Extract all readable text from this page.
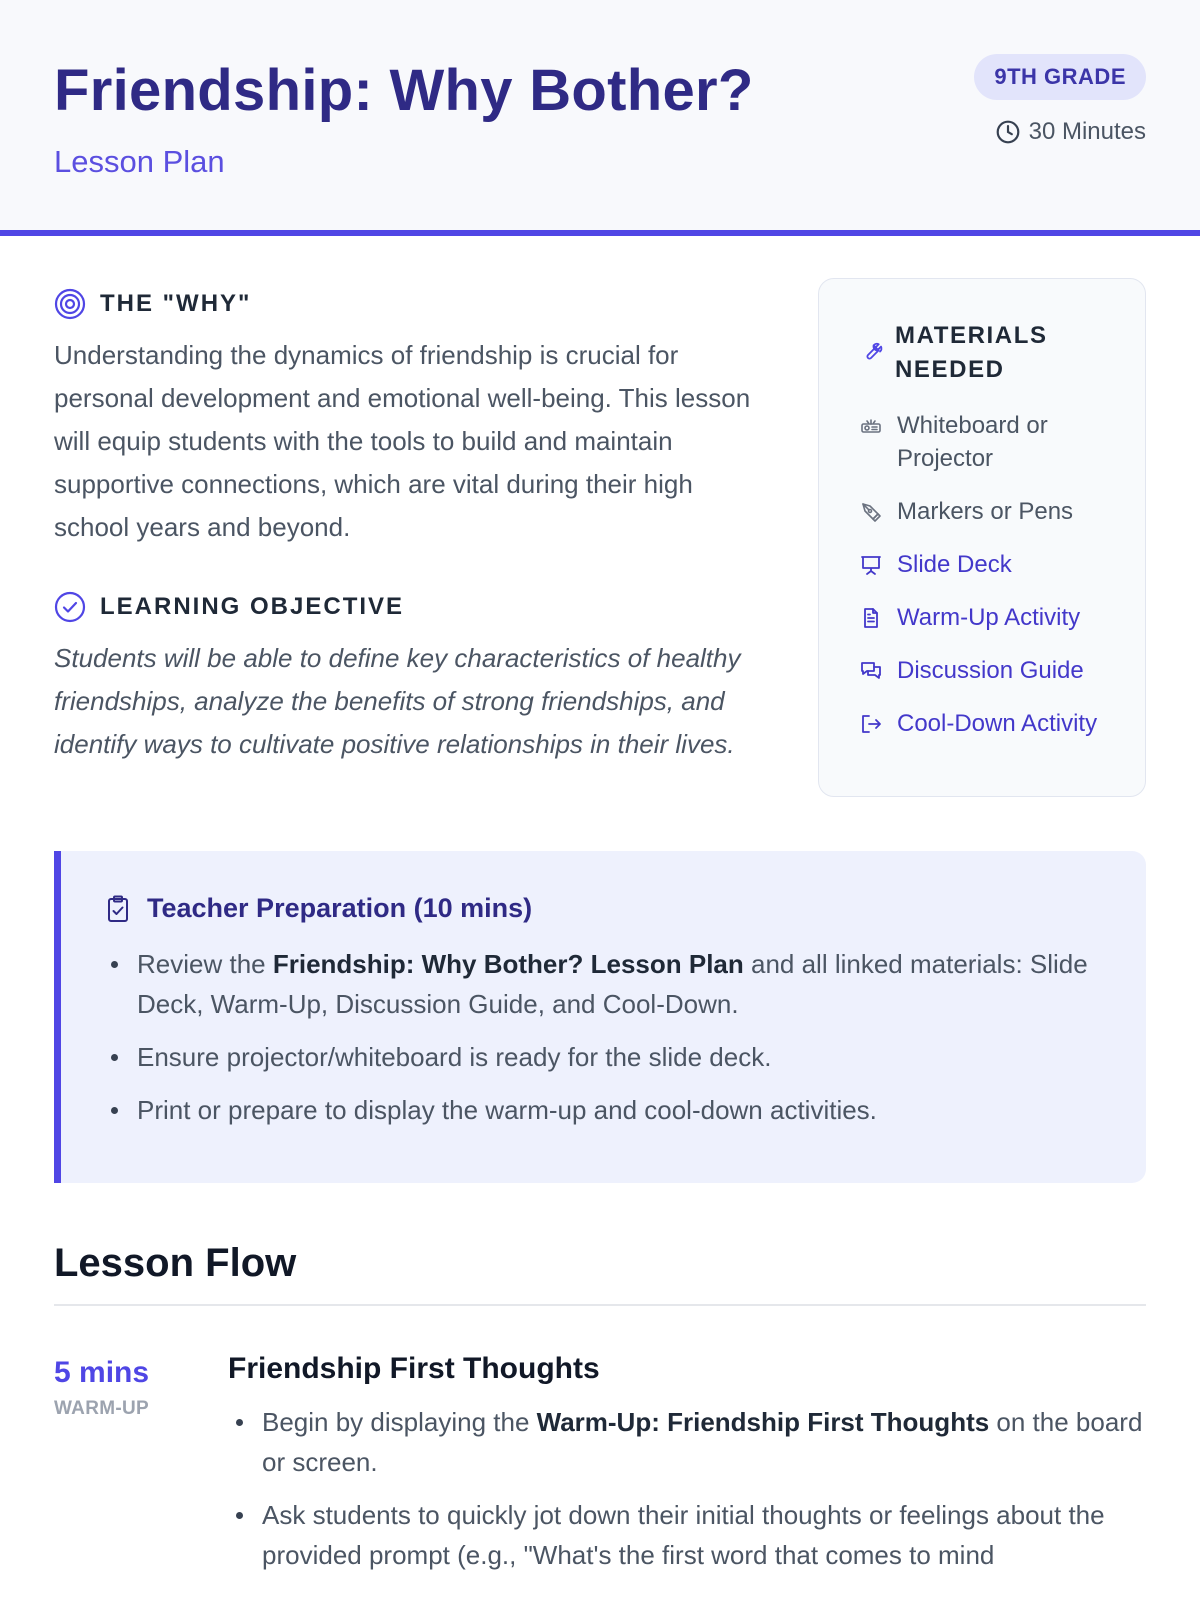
Friendship: Why Bother?
Lesson Plan
9TH GRADE
30 Minutes
THE "WHY"

Understanding the dynamics of friendship is crucial for personal development and emotional well-being. This lesson will equip students with the tools to build and maintain supportive connections, which are vital during their high school years and beyond.

LEARNING OBJECTIVE

Students will be able to define key characteristics of healthy friendships, analyze the benefits of strong friendships, and identify ways to cultivate positive relationships in their lives.

MATERIALS NEEDED
Whiteboard or Projector
Markers or Pens
Slide Deck
Warm-Up Activity
Discussion Guide
Cool-Down Activity
Teacher Preparation (10 mins)
Review the Friendship: Why Bother? Lesson Plan and all linked materials: Slide Deck, Warm-Up, Discussion Guide, and Cool-Down.
Ensure projector/whiteboard is ready for the slide deck.
Print or prepare to display the warm-up and cool-down activities.
Lesson Flow
5 mins
WARM-UP
Friendship First Thoughts
Begin by displaying the Warm-Up: Friendship First Thoughts on the board or screen.
Ask students to quickly jot down their initial thoughts or feelings about the provided prompt (e.g., "What's the first word that comes to mind
